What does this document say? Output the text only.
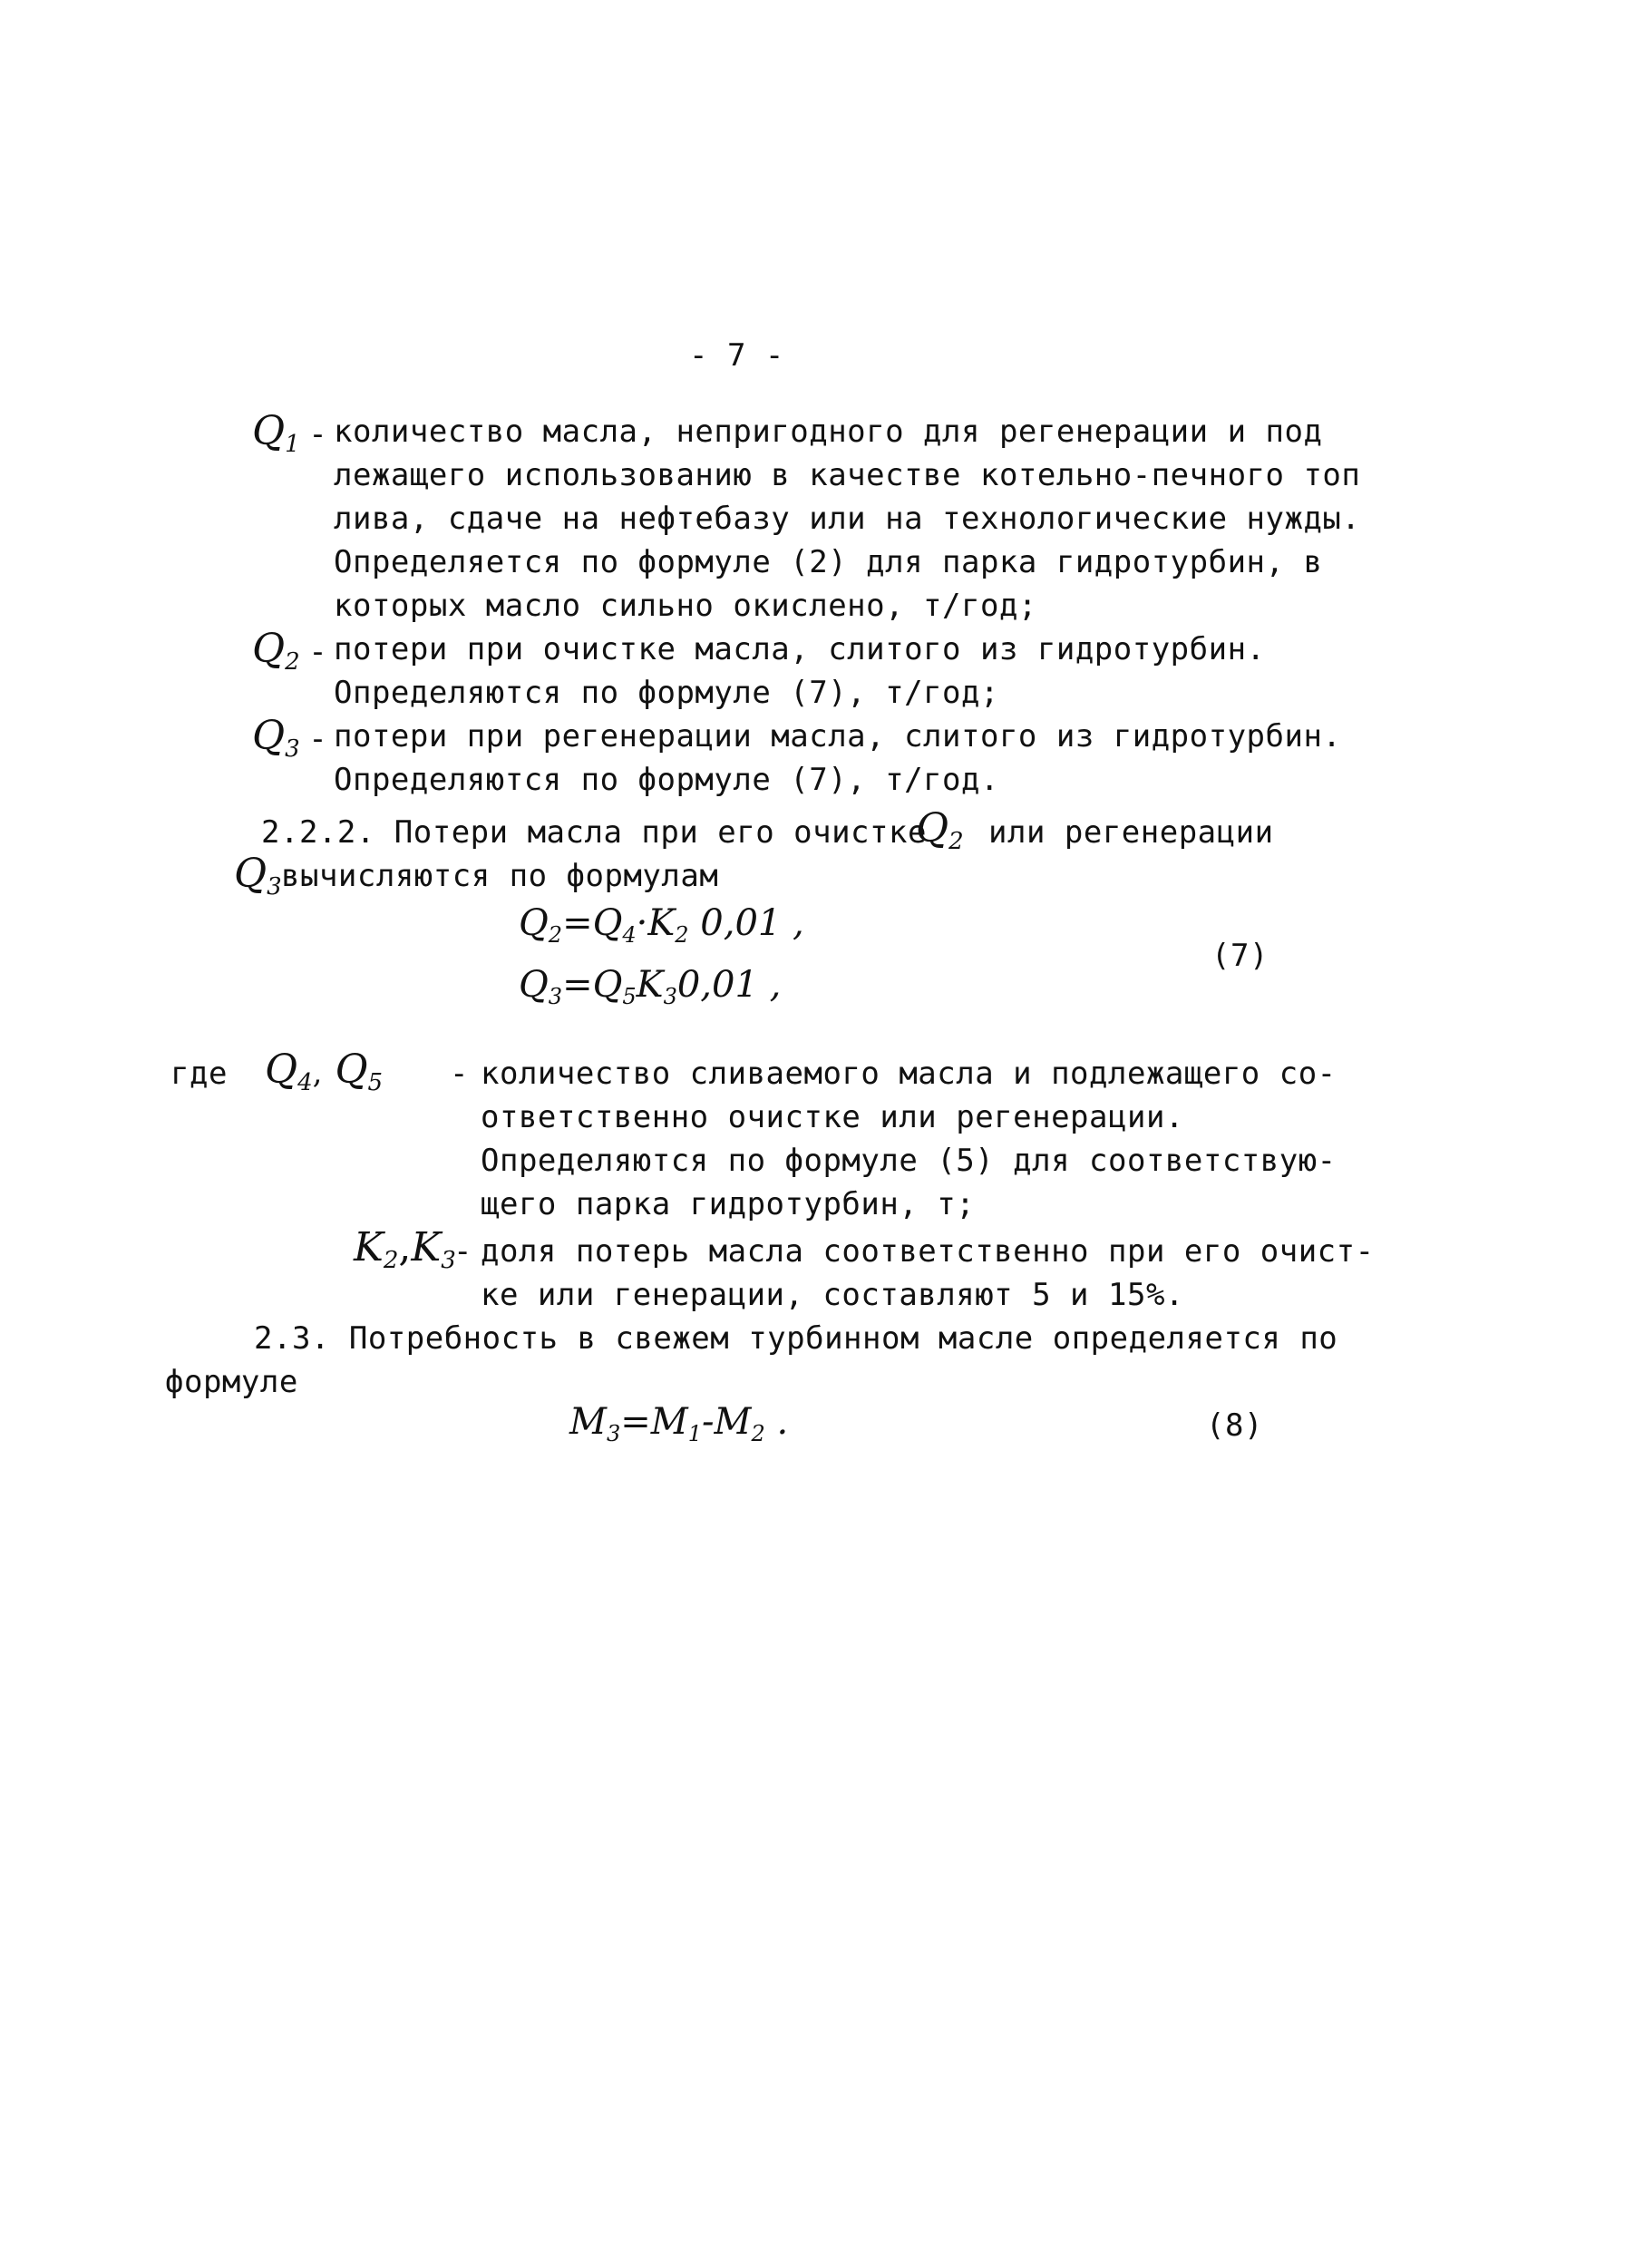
- 7 -
$Q_1$ - количество масла, непригодного для регенерации и под
лежащего использованию в качестве котельно-печного топ
лива, сдаче на нефтебазу или на технологические нужды.
Определяется по формуле (2) для парка гидротурбин, в
которых масло сильно окислено, т/год;
$Q_2$ - потери при очистке масла, слитого из гидротурбин.
Определяются по формуле (7), т/год;
$Q_3$ - потери при регенерации масла, слитого из гидротурбин.
Определяются по формуле (7), т/год.
2.2.2. Потери масла при его очистке
$Q_2$ или регенерации
$Q_3$ вычисляются по формулам
$Q_2=Q_4\cdot K_2$ 0,01 ,
$Q_3=Q_5K_30,01$ ,
(7)
где $Q_4$, $Q_5$ - количество сливаемого масла и подлежащего со-
ответственно очистке или регенерации.
Определяются по формуле (5) для соответствую-
щего парка гидротурбин, т;
$K_2,K_3$
- доля потерь масла соответственно при его очист-
ке или генерации, составляют 5 и 15%.
2.3. Потребность в свежем турбинном масле определяется по
формуле
$M_3=M_1-M_2$ .	(8)
